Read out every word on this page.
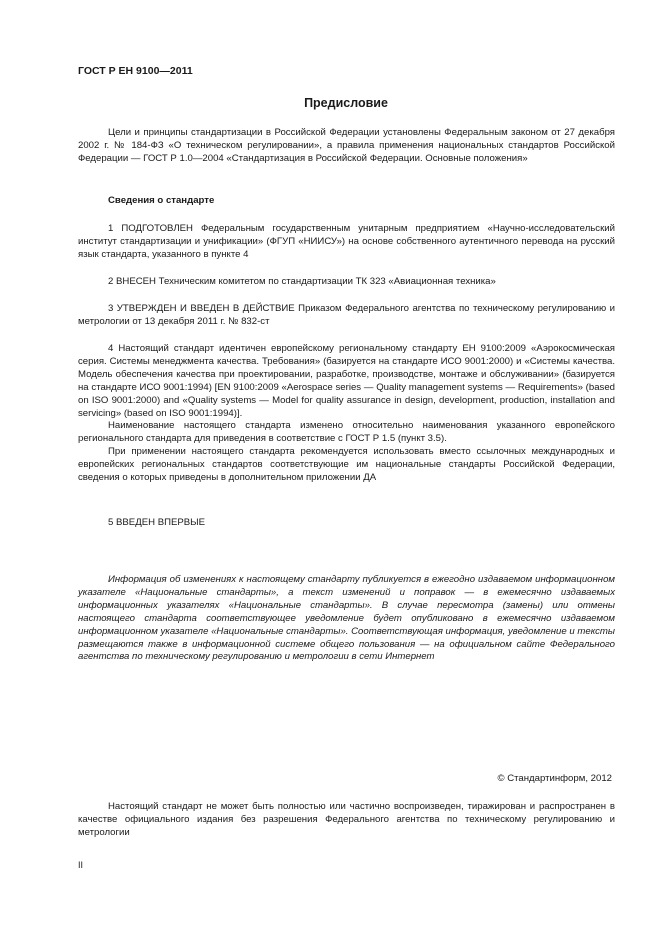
ГОСТ Р ЕН 9100—2011
Предисловие

Цели и принципы стандартизации в Российской Федерации установлены Федеральным законом от 27 декабря 2002 г. № 184-ФЗ «О техническом регулировании», а правила применения национальных стандартов Российской Федерации — ГОСТ Р 1.0—2004 «Стандартизация в Российской Федерации. Основные положения»

Сведения о стандарте

1 ПОДГОТОВЛЕН Федеральным государственным унитарным предприятием «Научно-исследовательский институт стандартизации и унификации» (ФГУП «НИИСУ») на основе собственного аутентичного перевода на русский язык стандарта, указанного в пункте 4

2 ВНЕСЕН Техническим комитетом по стандартизации ТК 323 «Авиационная техника»

3 УТВЕРЖДЕН И ВВЕДЕН В ДЕЙСТВИЕ Приказом Федерального агентства по техническому регулированию и метрологии от 13 декабря 2011 г. № 832-ст

4 Настоящий стандарт идентичен европейскому региональному стандарту ЕН 9100:2009 «Аэрокосмическая серия. Системы менеджмента качества. Требования» (базируется на стандарте ИСО 9001:2000) и «Системы качества. Модель обеспечения качества при проектировании, разработке, производстве, монтаже и обслуживании» (базируется на стандарте ИСО 9001:1994) [EN 9100:2009 «Aerospace series — Quality management systems — Requirements» (based on ISO 9001:2000) and «Quality systems — Model for quality assurance in design, development, production, installation and servicing» (based on ISO 9001:1994)].

Наименование настоящего стандарта изменено относительно наименования указанного европейского регионального стандарта для приведения в соответствие с ГОСТ Р 1.5 (пункт 3.5).

При применении настоящего стандарта рекомендуется использовать вместо ссылочных международных и европейских региональных стандартов соответствующие им национальные стандарты Российской Федерации, сведения о которых приведены в дополнительном приложении ДА

5 ВВЕДЕН ВПЕРВЫЕ

Информация об изменениях к настоящему стандарту публикуется в ежегодно издаваемом информационном указателе «Национальные стандарты», а текст изменений и поправок — в ежемесячно издаваемых информационных указателях «Национальные стандарты». В случае пересмотра (замены) или отмены настоящего стандарта соответствующее уведомление будет опубликовано в ежемесячно издаваемом информационном указателе «Национальные стандарты». Соответствующая информация, уведомление и тексты размещаются также в информационной системе общего пользования — на официальном сайте Федерального агентства по техническому регулированию и метрологии в сети Интернет

© Стандартинформ, 2012

Настоящий стандарт не может быть полностью или частично воспроизведен, тиражирован и распространен в качестве официального издания без разрешения Федерального агентства по техническому регулированию и метрологии

II
